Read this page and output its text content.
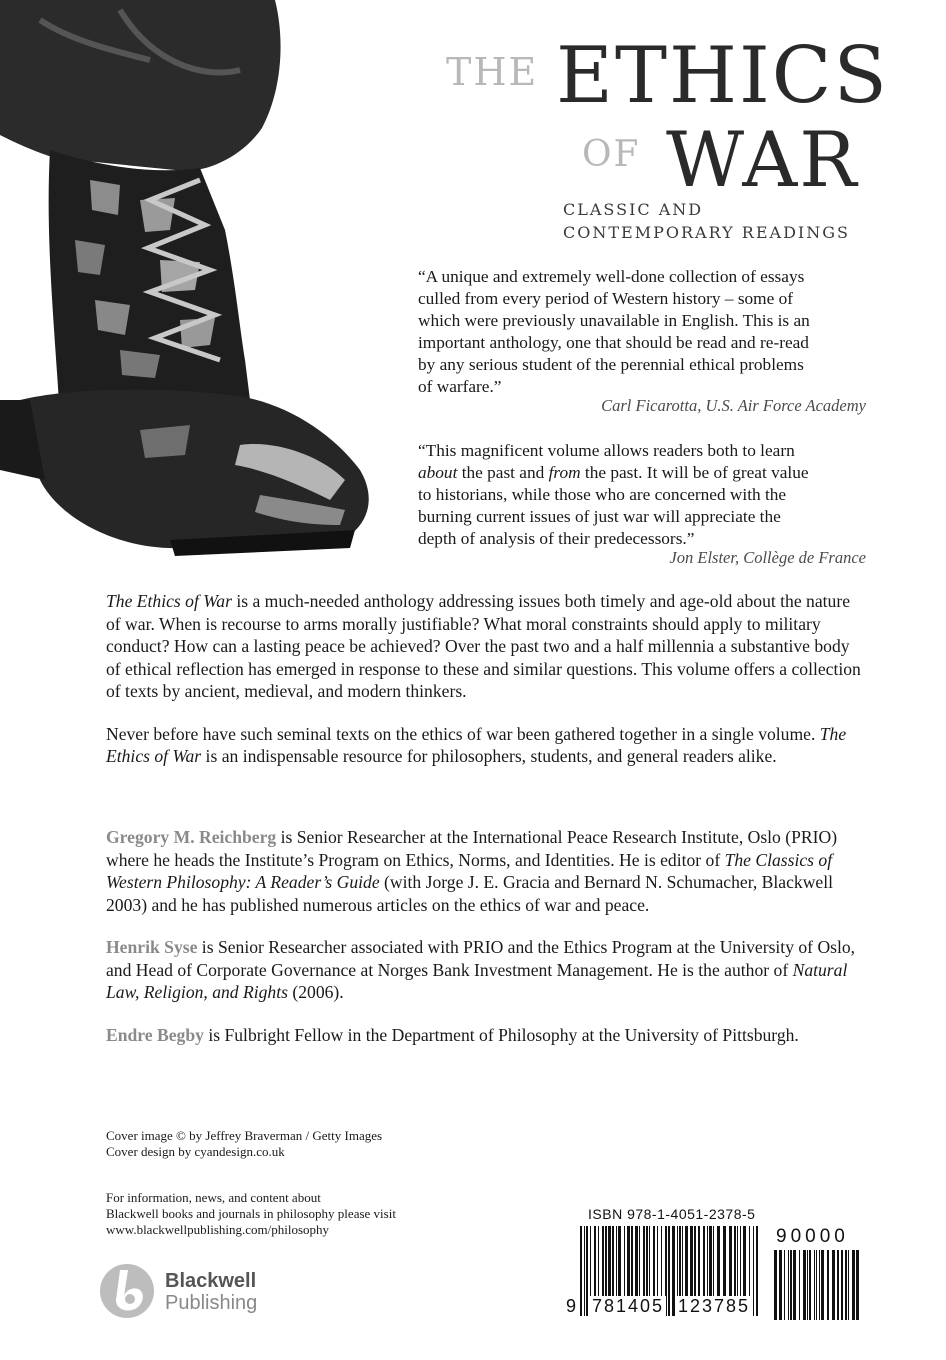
THE ETHICS
OF WAR
CLASSIC AND
CONTEMPORARY READINGS
“A unique and extremely well-done collection of essays
culled from every period of Western history – some of
which were previously unavailable in English. This is an
important anthology, one that should be read and re-read
by any serious student of the perennial ethical problems
of warfare.”
Carl Ficarotta, U.S. Air Force Academy
“This magnificent volume allows readers both to learn
about the past and from the past. It will be of great value
to historians, while those who are concerned with the
burning current issues of just war will appreciate the
depth of analysis of their predecessors.”
Jon Elster, Collège de France

The Ethics of War is a much-needed anthology addressing issues both timely and age-old about the nature of war. When is recourse to arms morally justifiable? What moral constraints should apply to military conduct? How can a lasting peace be achieved? Over the past two and a half millennia a substantive body of ethical reflection has emerged in response to these and similar questions. This volume offers a collection of texts by ancient, medieval, and modern thinkers.

Never before have such seminal texts on the ethics of war been gathered together in a single volume. The Ethics of War is an indispensable resource for philosophers, students, and general readers alike.

Gregory M. Reichberg is Senior Researcher at the International Peace Research Institute, Oslo (PRIO) where he heads the Institute’s Program on Ethics, Norms, and Identities. He is editor of The Classics of Western Philosophy: A Reader’s Guide (with Jorge J. E. Gracia and Bernard N. Schumacher, Blackwell 2003) and he has published numerous articles on the ethics of war and peace.

Henrik Syse is Senior Researcher associated with PRIO and the Ethics Program at the University of Oslo, and Head of Corporate Governance at Norges Bank Investment Management. He is the author of Natural Law, Religion, and Rights (2006).

Endre Begby is Fulbright Fellow in the Department of Philosophy at the University of Pittsburgh.

Cover image © by Jeffrey Braverman / Getty Images
Cover design by cyandesign.co.uk
For information, news, and content about
Blackwell books and journals in philosophy please visit
www.blackwellpublishing.com/philosophy
Blackwell
Publishing
ISBN 978-1-4051-2378-5
90000
9 781405 123785
